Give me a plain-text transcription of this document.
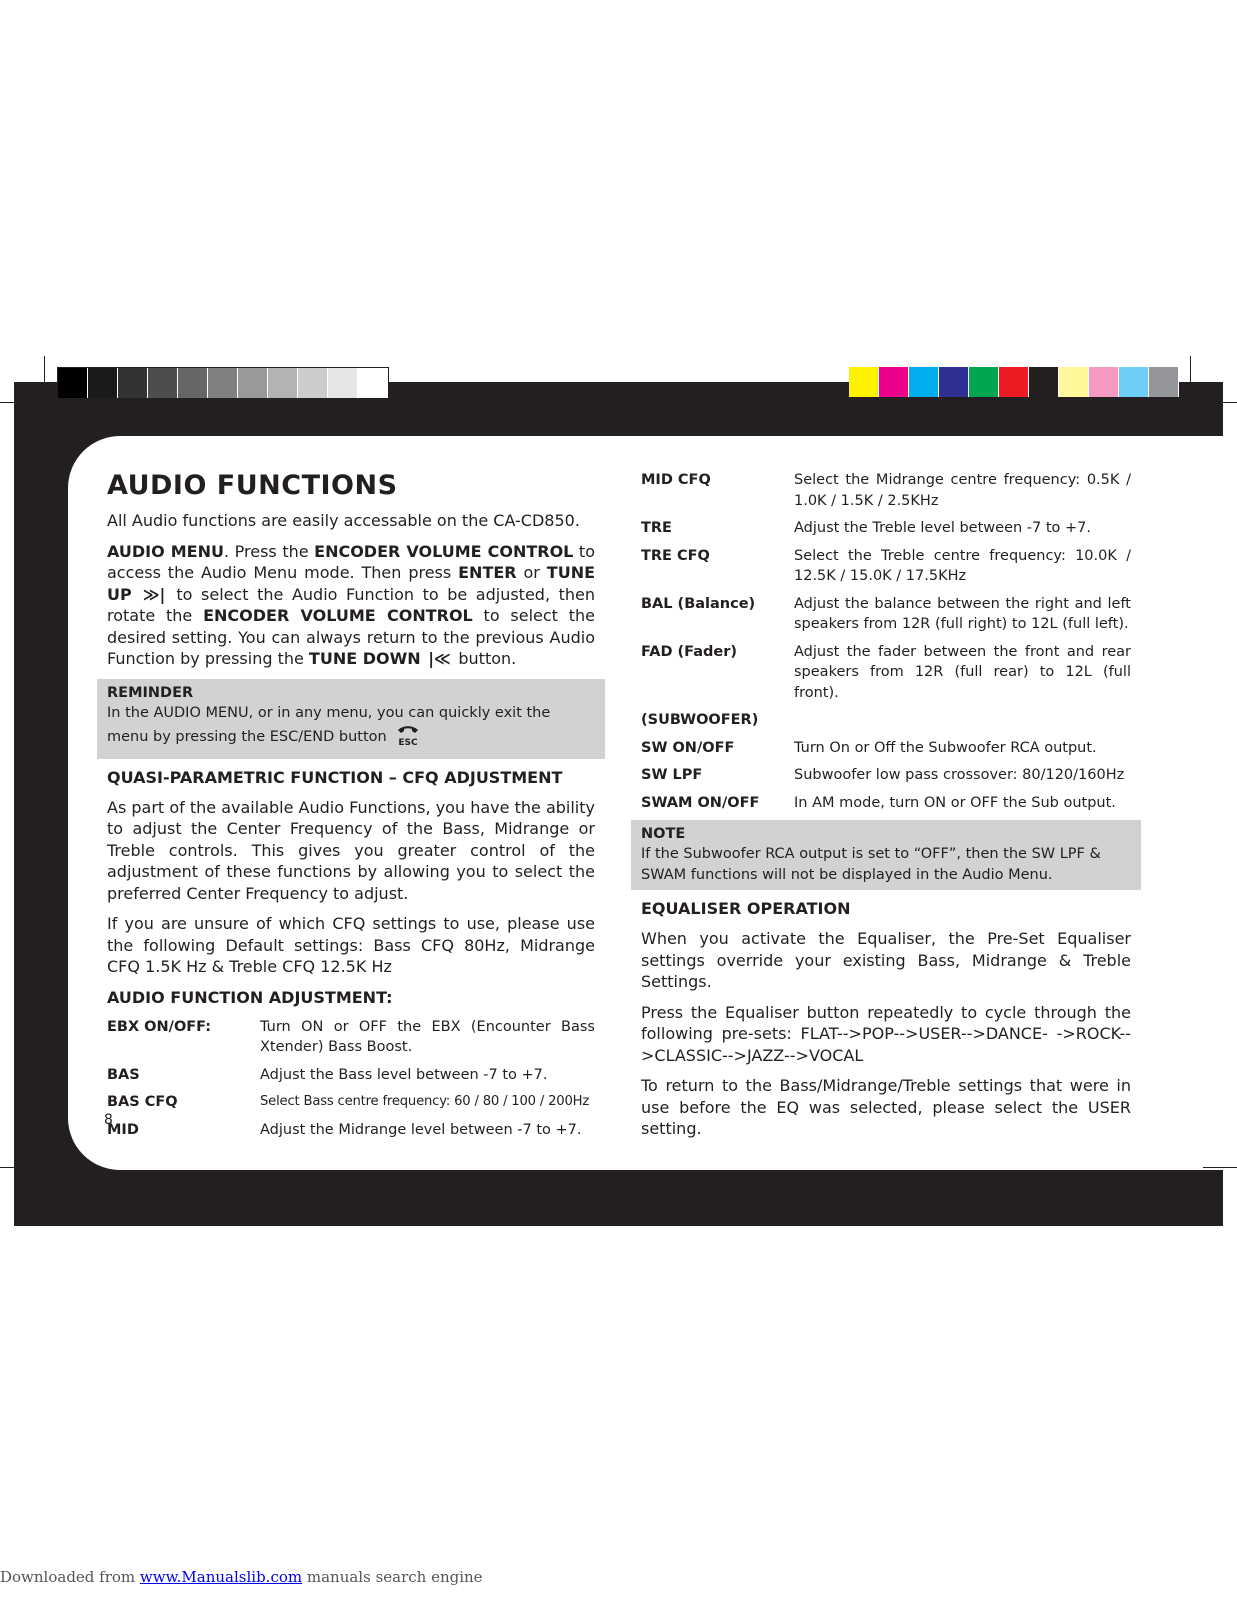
AUDIO FUNCTIONS

All Audio functions are easily accessable on the CA-CD850.

AUDIO MENU. Press the ENCODER VOLUME CONTROL to access the Audio Menu mode. Then press ENTER or TUNE UP ≫| to select the Audio Function to be adjusted, then rotate the ENCODER VOLUME CONTROL to select the desired setting. You can always return to the previous Audio Function by pressing the TUNE DOWN |≪ button.

REMINDER
In the AUDIO MENU, or in any menu, you can quickly exit the menu by pressing the ESC/END button ESC
QUASI-PARAMETRIC FUNCTION – CFQ ADJUSTMENT

As part of the available Audio Functions, you have the ability to adjust the Center Frequency of the Bass, Midrange or Treble controls. This gives you greater control of the adjustment of these functions by allowing you to select the preferred Center Frequency to adjust.

If you are unsure of which CFQ settings to use, please use the following Default settings: Bass CFQ 80Hz, Midrange CFQ 1.5K Hz & Treble CFQ 12.5K Hz

AUDIO FUNCTION ADJUSTMENT:
EBX ON/OFF:	Turn ON or OFF the EBX (Encounter Bass Xtender) Bass Boost.
BAS	Adjust the Bass level between -7 to +7.
BAS CFQ	Select Bass centre frequency: 60 / 80 / 100 / 200Hz
MID	Adjust the Midrange level between -7 to +7.
MID CFQ	Select the Midrange centre frequency: 0.5K / 1.0K / 1.5K / 2.5KHz
TRE	Adjust the Treble level between -7 to +7.
TRE CFQ	Select the Treble centre frequency: 10.0K / 12.5K / 15.0K / 17.5KHz
BAL (Balance)	Adjust the balance between the right and left speakers from 12R (full right) to 12L (full left).
FAD (Fader)	Adjust the fader between the front and rear speakers from 12R (full rear) to 12L (full front).
(SUBWOOFER)
SW ON/OFF	Turn On or Off the Subwoofer RCA output.
SW LPF	Subwoofer low pass crossover: 80/120/160Hz
SWAM ON/OFF	In AM mode, turn ON or OFF the Sub output.
NOTE
If the Subwoofer RCA output is set to “OFF”, then the SW LPF & SWAM functions will not be displayed in the Audio Menu.
EQUALISER OPERATION

When you activate the Equaliser, the Pre-Set Equaliser settings override your existing Bass, Midrange & Treble Settings.

Press the Equaliser button repeatedly to cycle through the following pre-sets: FLAT-->POP-->USER-->DANCE- ->ROCK-->CLASSIC-->JAZZ-->VOCAL

To return to the Bass/Midrange/Treble settings that were in use before the EQ was selected, please select the USER setting.

8
Downloaded from www.Manualslib.com manuals search engine
